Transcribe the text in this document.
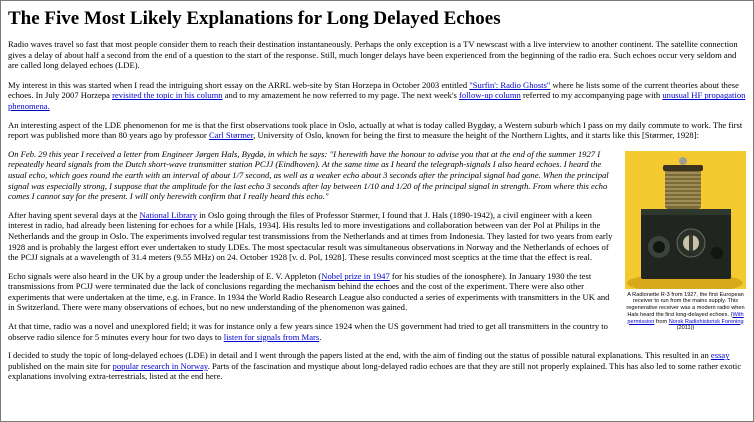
The Five Most Likely Explanations for Long Delayed Echoes

Radio waves travel so fast that most people consider them to reach their destination instantaneously. Perhaps the only exception is a TV newscast with a live interview to another continent. The satellite connection gives a delay of about half a second from the end of a question to the start of the response. Still, much longer delays have been experienced from the beginning of the radio era. Such echoes occur very seldom and are called long delayed echoes (LDE).

My interest in this was started when I read the intriguing short essay on the ARRL web-site by Stan Horzepa in October 2003 entitled "Surfin': Radio Ghosts" where he lists some of the current theories about these echoes. In July 2007 Horzepa revisited the topic in his column and to my amazement he now referred to my page. The next week's follow-up column referred to my accompanying page with unusual HF propagation phenomena.

An interesting aspect of the LDE phenomenon for me is that the first observations took place in Oslo, actually at what is today called Bygdøy, a Western suburb which I pass on my daily commute to work. The first report was published more than 80 years ago by professor Carl Størmer, University of Oslo, known for being the first to measure the height of the Northern Lights, and it starts like this [Størmer, 1928]:

A Radionette R-3 from 1927, the first European receiver to run from the mains supply. This regenerative receiver was a modern radio when Hals heard the first long-delayed echoes. (With permission from Norsk Radiohistorisk Forening (2011))

On Feb. 29 this year I received a letter from Engineer Jørgen Hals, Bygdø, in which he says: "I herewith have the honour to advise you that at the end of the summer 1927 I repeatedly heard signals from the Dutch short-wave transmitter station PCJJ (Eindhoven). At the same time as I heard the telegraph-signals I also heard echoes. I heard the usual echo, which goes round the earth with an interval of about 1/7 second, as well as a weaker echo about 3 seconds after the principal signal had gone. When the principal signal was especially strong, I suppose that the amplitude for the last echo 3 seconds after lay between 1/10 and 1/20 of the principal signal in strength. From where this echo comes I cannot say for the present. I will only herewith confirm that I really heard this echo."

After having spent several days at the National Library in Oslo going through the files of Professor Størmer, I found that J. Hals (1890-1942), a civil engineer with a keen interest in radio, had already been listening for echoes for a while [Hals, 1934]. His results led to more investigations and collaboration between van der Pol at Philips in the Netherlands and the group in Oslo. The experiments involved regular test transmissions from the Netherlands and at times from Indonesia. They lasted for two years from early 1928 and is probably the largest effort ever undertaken to study LDEs. The most spectacular result was simultaneous observations in Norway and the Netherlands of echoes of the PCJJ signals at a wavelength of 31.4 meters (9.55 MHz) on 24. October 1928 [v. d. Pol, 1928]. These results convinced most sceptics at the time that the effect is real.

Echo signals were also heard in the UK by a group under the leadership of E. V. Appleton (Nobel prize in 1947 for his studies of the ionosphere). In January 1930 the test transmissions from PCJJ were terminated due the lack of conclusions regarding the mechanism behind the echoes and the cost of the experiment. There were also other experiments that were undertaken at the time, e.g. in France. In 1934 the World Radio Research League also conducted a series of experiments with transmitters in the UK and in Switzerland. There were many observations of echoes, but no new understanding of the phenomenon was gained.

At that time, radio was a novel and unexplored field; it was for instance only a few years since 1924 when the US government had tried to get all transmitters in the country to observe radio silence for 5 minutes every hour for two days to listen for signals from Mars.

I decided to study the topic of long-delayed echoes (LDE) in detail and I went through the papers listed at the end, with the aim of finding out the status of possible natural explanations. This resulted in an essay published on the main site for popular research in Norway. Parts of the fascination and mystique about long-delayed radio echoes are that they are still not properly explained. This has also led to some rather exotic explanations involving extra-terrestrials, listed at the end here.
